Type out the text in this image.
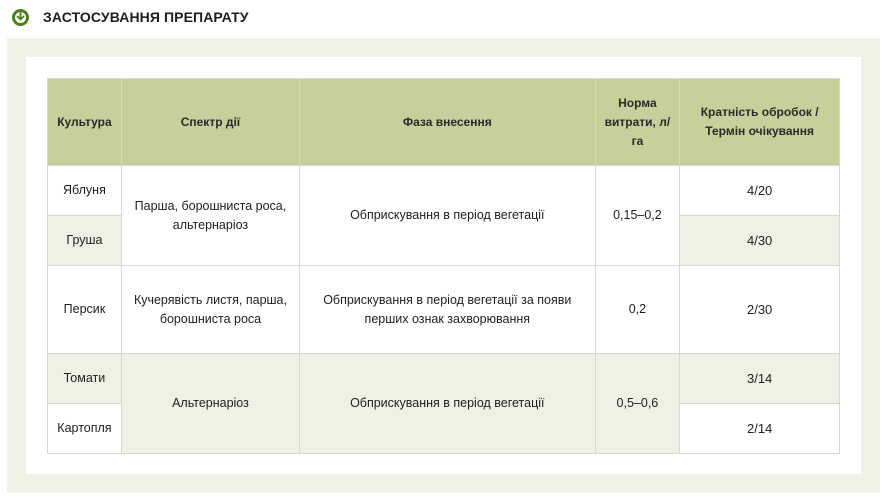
ЗАСТОСУВАННЯ ПРЕПАРАТУ
Культура	Спектр дії	Фаза внесення	Норма витрати, л/га	Кратність обробок / Термін очікування
Яблуня	Парша, борошниста роса, альтернаріоз	Обприскування в період вегетації	0,15–0,2	4/20
Груша				4/30
Персик	Кучерявість листя, парша, борошниста роса	Обприскування в період вегетації за появи перших ознак захворювання	0,2	2/30
Томати	Альтернаріоз	Обприскування в період вегетації	0,5–0,6	3/14
Картопля				2/14
